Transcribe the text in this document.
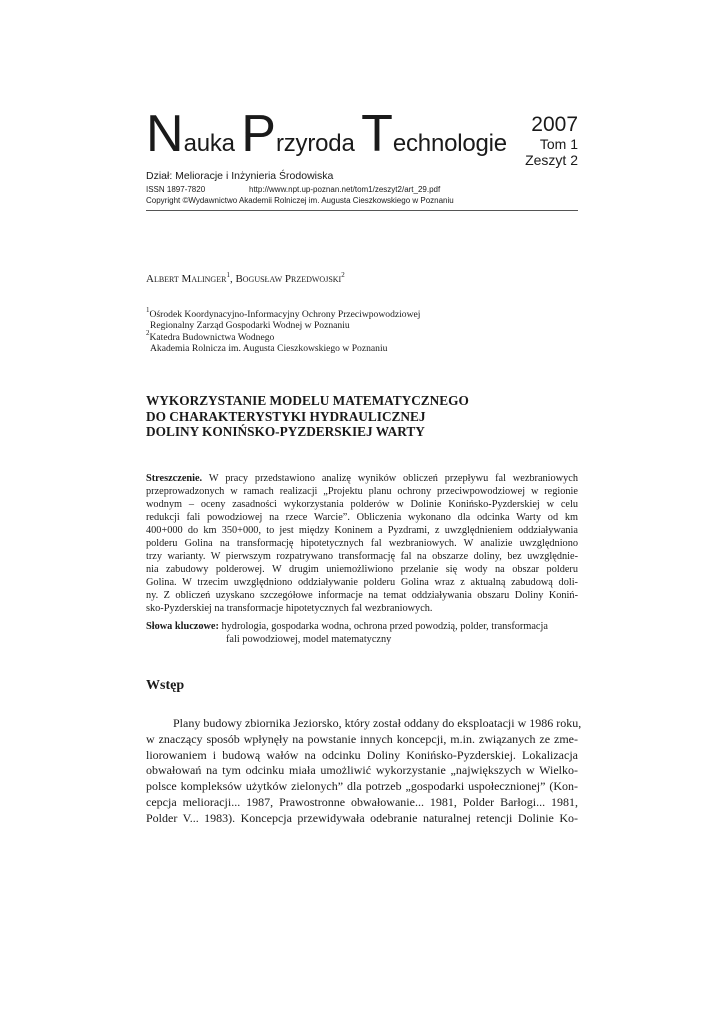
Nauka Przyroda Technologie
2007
Tom 1
Zeszyt 2
Dział: Melioracje i Inżynieria Środowiska
ISSN 1897-7820	http://www.npt.up-poznan.net/tom1/zeszyt2/art_29.pdf
Copyright ©Wydawnictwo Akademii Rolniczej im. Augusta Cieszkowskiego w Poznaniu
Albert Malinger$^1$, Bogusław Przedwojski$^2$
$^1$Ośrodek Koordynacyjno-Informacyjny Ochrony Przeciwpowodziowej
Regionalny Zarząd Gospodarki Wodnej w Poznaniu
$^2$Katedra Budownictwa Wodnego
Akademia Rolnicza im. Augusta Cieszkowskiego w Poznaniu
WYKORZYSTANIE MODELU MATEMATYCZNEGO
DO CHARAKTERYSTYKI HYDRAULICZNEJ
DOLINY KONIŃSKO-PYZDERSKIEJ WARTY
Streszczenie. W pracy przedstawiono analizę wyników obliczeń przepływu fal wezbraniowych
przeprowadzonych w ramach realizacji „Projektu planu ochrony przeciwpowodziowej w regionie
wodnym – oceny zasadności wykorzystania polderów w Dolinie Konińsko-Pyzderskiej w celu
redukcji fali powodziowej na rzece Warcie”. Obliczenia wykonano dla odcinka Warty od km
400+000 do km 350+000, to jest między Koninem a Pyzdrami, z uwzględnieniem oddziaływania
polderu Golina na transformację hipotetycznych fal wezbraniowych. W analizie uwzględniono
trzy warianty. W pierwszym rozpatrywano transformację fal na obszarze doliny, bez uwzględnie-
nia zabudowy polderowej. W drugim uniemożliwiono przelanie się wody na obszar polderu
Golina. W trzecim uwzględniono oddziaływanie polderu Golina wraz z aktualną zabudową doli-
ny. Z obliczeń uzyskano szczegółowe informacje na temat oddziaływania obszaru Doliny Koniń-
sko-Pyzderskiej na transformacje hipotetycznych fal wezbraniowych.
Słowa kluczowe: hydrologia, gospodarka wodna, ochrona przed powodzią, polder, transformacja
fali powodziowej, model matematyczny
Wstęp
Plany budowy zbiornika Jeziorsko, który został oddany do eksploatacji w 1986 roku,
w znaczący sposób wpłynęły na powstanie innych koncepcji, m.in. związanych ze zme-
liorowaniem i budową wałów na odcinku Doliny Konińsko-Pyzderskiej. Lokalizacja
obwałowań na tym odcinku miała umożliwić wykorzystanie „największych w Wielko-
polsce kompleksów użytków zielonych” dla potrzeb „gospodarki uspołecznionej” (Kon-
cepcja melioracji... 1987, Prawostronne obwałowanie... 1981, Polder Barłogi... 1981,
Polder V... 1983). Koncepcja przewidywała odebranie naturalnej retencji Dolinie Ko-
